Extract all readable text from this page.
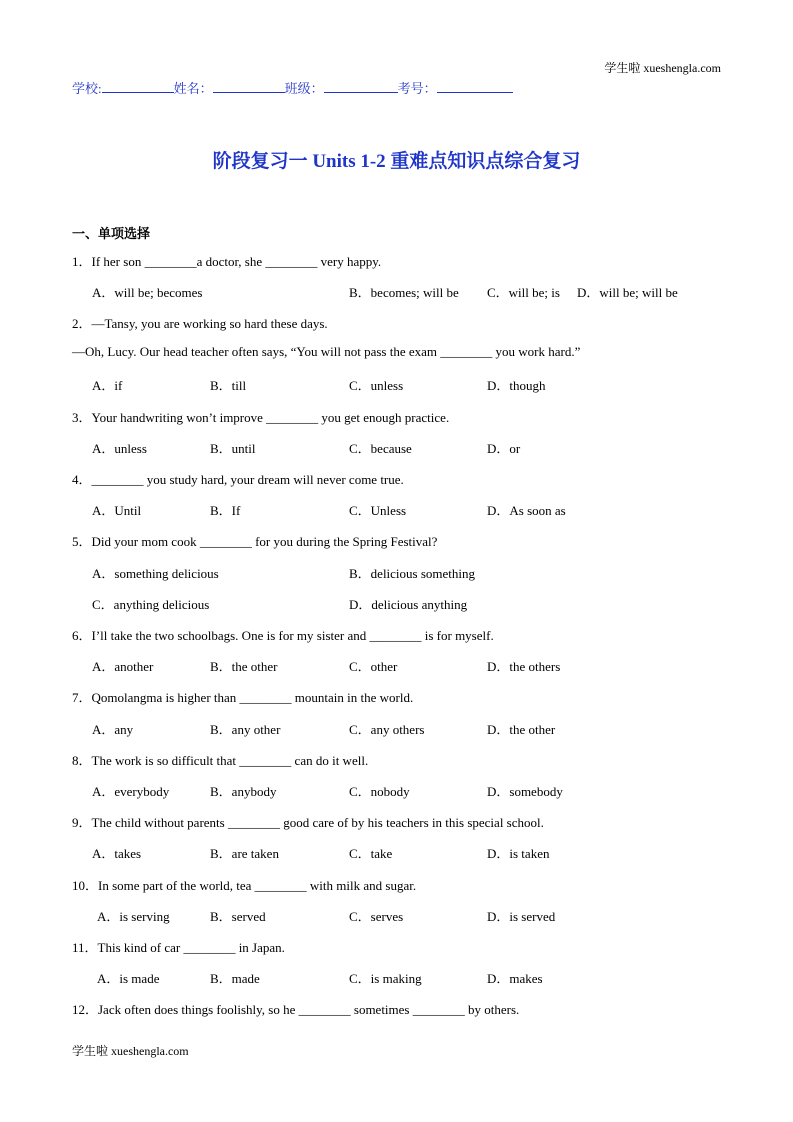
学生啦 xueshengla.com
学校:	姓名：	班级：	考号：
阶段复习一 Units 1-2 重难点知识点综合复习
一、单项选择
1．If her son ________a doctor, she ________ very happy.
A．will be; becomes	B．becomes; will be C．will be; is D．will be; will be
2．—Tansy, you are working so hard these days.
—Oh, Lucy. Our head teacher often says, “You will not pass the exam ________ you work hard.”
A．if	B．till	C．unless	D．though
3．Your handwriting won’t improve ________ you get enough practice.
A．unless	B．until	C．because	D．or
4．________ you study hard, your dream will never come true.
A．Until	B．If	C．Unless	D．As soon as
5．Did your mom cook ________ for you during the Spring Festival?
A．something delicious	B．delicious something
C．anything delicious	D．delicious anything
6．I’ll take the two schoolbags. One is for my sister and ________ is for myself.
A．another	B．the other	C．other	D．the others
7．Qomolangma is higher than ________ mountain in the world.
A．any	B．any other	C．any others	D．the other
8．The work is so difficult that ________ can do it well.
A．everybody	B．anybody	C．nobody	D．somebody
9．The child without parents ________ good care of by his teachers in this special school.
A．takes	B．are taken	C．take	D．is taken
10．In some part of the world, tea ________ with milk and sugar.
A．is serving	B．served	C．serves	D．is served
11．This kind of car ________ in Japan.
A．is made	B．made	C．is making	D．makes
12．Jack often does things foolishly, so he ________ sometimes ________ by others.
学生啦 xueshengla.com
